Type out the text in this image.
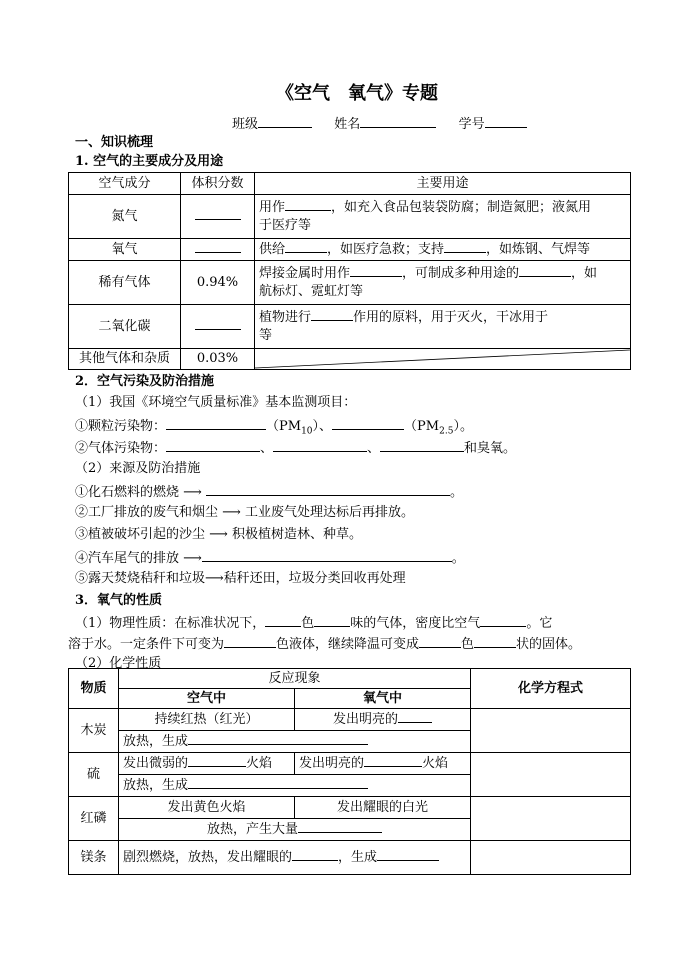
《空气　氧气》专题
班级	姓名	学号
一、知识梳理
1. 空气的主要成分及用途
空气成分	体积分数	主要用途
氮气		用作 ，如充入食品包装袋防腐；制造氮肥；液氮用
于医疗等
氧气		供给 ，如医疗急救；支持 ，如炼钢、气焊等
稀有气体	0.94%	焊接金属时用作 ，可制成多种用途的 ，如
航标灯、霓虹灯等
二氧化碳		植物进行 作用的原料，用于灭火，干冰用于
等
其他气体和杂质	0.03%	
2．空气污染及防治措施
（1）我国《环境空气质量标准》基本监测项目：
①颗粒污染物：	$(PM_{10})$、	$(PM_{2.5})$。
②气体污染物：	、	、	和臭氧。
（2）来源及防治措施
①化石燃料的燃烧 ⟶	。
②工厂排放的废气和烟尘 ⟶ 工业废气处理达标后再排放。
③植被破坏引起的沙尘 ⟶ 积极植树造林、种草。
④汽车尾气的排放 ⟶	。
⑤露天焚烧秸秆和垃圾⟶秸秆还田，垃圾分类回收再处理
3．氧气的性质
（1）物理性质：在标准状况下，	色	味的气体，密度比空气	。它
溶于水。一定条件下可变为	色液体，继续降温可变成	色	状的固体。
（2）化学性质
物质	反应现象		化学方程式
	空气中	氧气中	
木炭	持续红热（红光）	发出明亮的	
	放热，生成		
硫	发出微弱的 火焰	发出明亮的 火焰	
	放热，生成		
红磷	发出黄色火焰	发出耀眼的白光	
	放热，产生大量		
镁条	剧烈燃烧，放热，发出耀眼的 ，生成		
